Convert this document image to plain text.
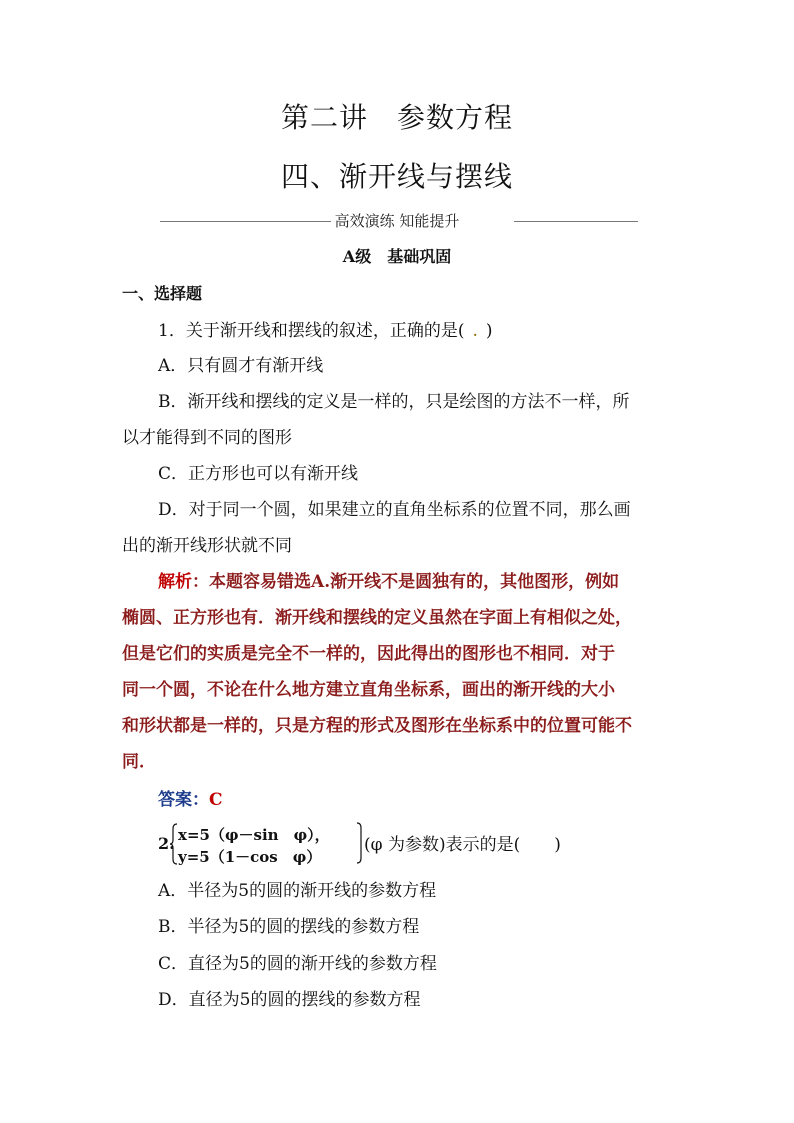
第二讲　参数方程
四、渐开线与摆线
高效演练 知能提升
A级　基础巩固
一、选择题
1．关于渐开线和摆线的叙述，正确的是( . )
A．只有圆才有渐开线
B．渐开线和摆线的定义是一样的，只是绘图的方法不一样，所
以才能得到不同的图形
C．正方形也可以有渐开线
D．对于同一个圆，如果建立的直角坐标系的位置不同，那么画
出的渐开线形状就不同
解析：本题容易错选A.渐开线不是圆独有的，其他图形，例如
椭圆、正方形也有．渐开线和摆线的定义虽然在字面上有相似之处，
但是它们的实质是完全不一样的，因此得出的图形也不相同．对于
同一个圆，不论在什么地方建立直角坐标系，画出的渐开线的大小
和形状都是一样的，只是方程的形式及图形在坐标系中的位置可能不
同．
答案：C
2. x=5（φ－sin　φ），
y=5（1－cos　φ）
(φ 为参数)表示的是(　　)
A．半径为5的圆的渐开线的参数方程
B．半径为5的圆的摆线的参数方程
C．直径为5的圆的渐开线的参数方程
D．直径为5的圆的摆线的参数方程
